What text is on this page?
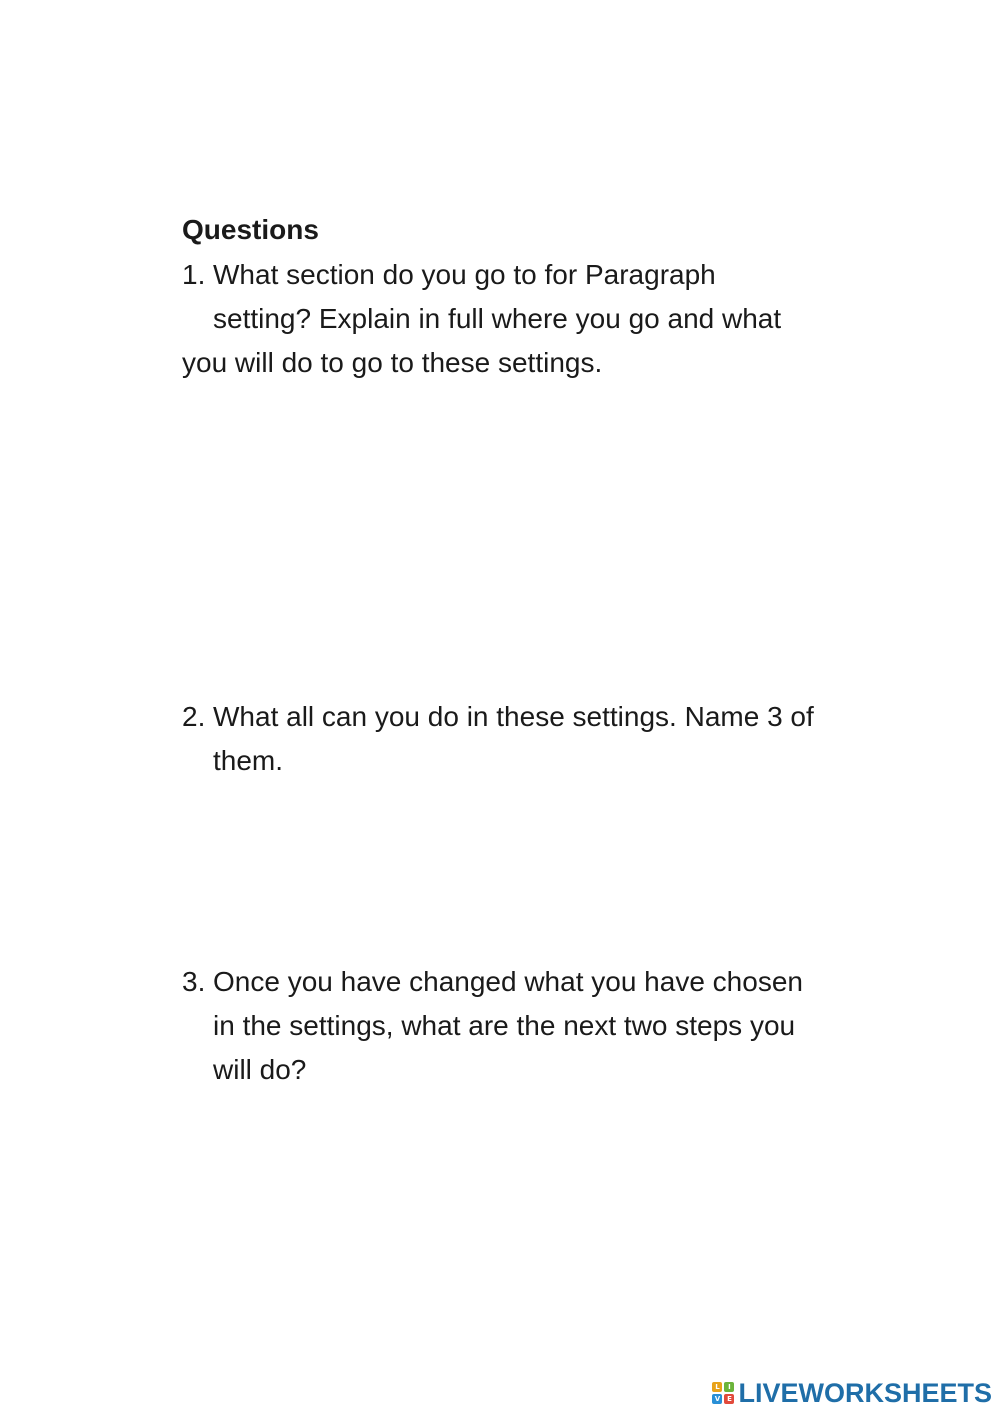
Questions

1. What section do you go to for Paragraph

setting? Explain in full where you go and what

you will do to go to these settings.

2. What all can you do in these settings. Name 3 of

them.

3. Once you have changed what you have chosen

in the settings, what are the next two steps you

will do?

L	I
V E LIVEWORKSHEETS
